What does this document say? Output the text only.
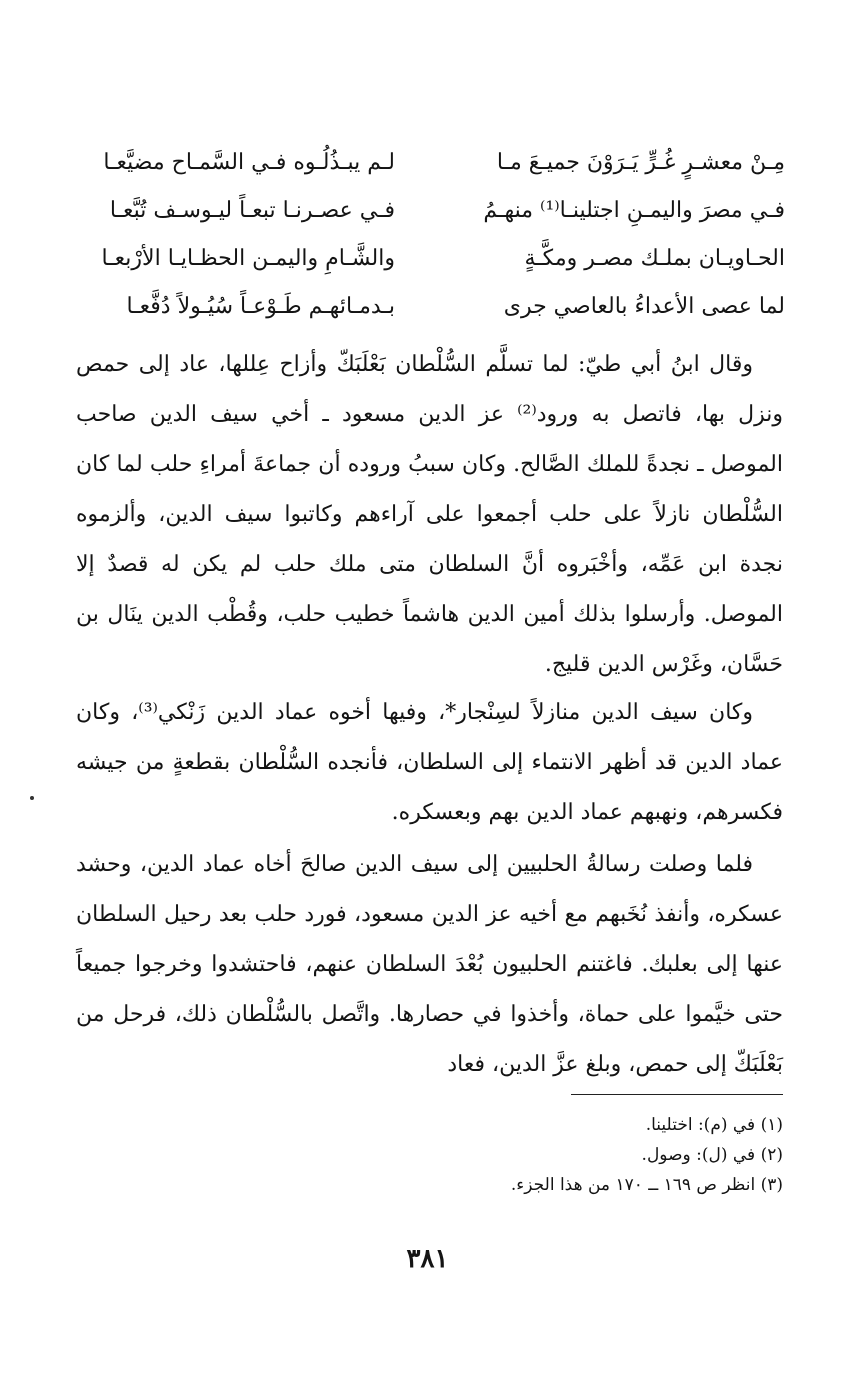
مِـنْ معشـرٍ غُـرٍّ يَـرَوْنَ جميـعَ مـا
لـم يبـذُلُـوه فـي السَّمـاح مضيَّعـا
فـي مصرَ واليمـنِ اجتلينـا⁽¹⁾ منهـمُ
فـي عصـرنـا تبعـاً ليـوسـف تُبَّعـا
الحـاويـان بملـك مصـر ومكَّـةٍ
والشَّـامِ واليمـن الحظـايـا الأرْبعـا
لما عصى الأعداءُ بالعاصي جرى
بـدمـائهـم طَـوْعـاً سُيُـولاً دُفَّعـا

وقال ابنُ أبي طيّ: لما تسلَّم السُّلْطان بَعْلَبَكّ وأزاح عِللها، عاد إلى حمص ونزل بها، فاتصل به ورود⁽²⁾ عز الدين مسعود ـ أخي سيف الدين صاحب الموصل ـ نجدةً للملك الصَّالح. وكان سببُ وروده أن جماعةَ أمراءِ حلب لما كان السُّلْطان نازلاً على حلب أجمعوا على آراءهم وكاتبوا سيف الدين، وألزموه نجدة ابن عَمِّه، وأخْبَروه أنَّ السلطان متى ملك حلب لم يكن له قصدٌ إلا الموصل. وأرسلوا بذلك أمين الدين هاشماً خطيب حلب، وقُطْب الدين ينَال بن حَسَّان، وغَرْس الدين قليج.

وكان سيف الدين منازلاً لسِنْجار*، وفيها أخوه عماد الدين زَنْكي⁽³⁾، وكان عماد الدين قد أظهر الانتماء إلى السلطان، فأنجده السُّلْطان بقطعةٍ من جيشه فكسرهم، ونهبهم عماد الدين بهم وبعسكره.

فلما وصلت رسالةُ الحلبيين إلى سيف الدين صالحَ أخاه عماد الدين، وحشد عسكره، وأنفذ نُخَبهم مع أخيه عز الدين مسعود، فورد حلب بعد رحيل السلطان عنها إلى بعلبك. فاغتنم الحلبيون بُعْدَ السلطان عنهم، فاحتشدوا وخرجوا جميعاً حتى خيَّموا على حماة، وأخذوا في حصارها. واتَّصل بالسُّلْطان ذلك، فرحل من بَعْلَبَكّ إلى حمص، وبلغ عزَّ الدين، فعاد

(١) في (م): اختلينا.
(٢) في (ل): وصول.
(٣) انظر ص ١٦٩ ــ ١٧٠ من هذا الجزء.
٣٨١
